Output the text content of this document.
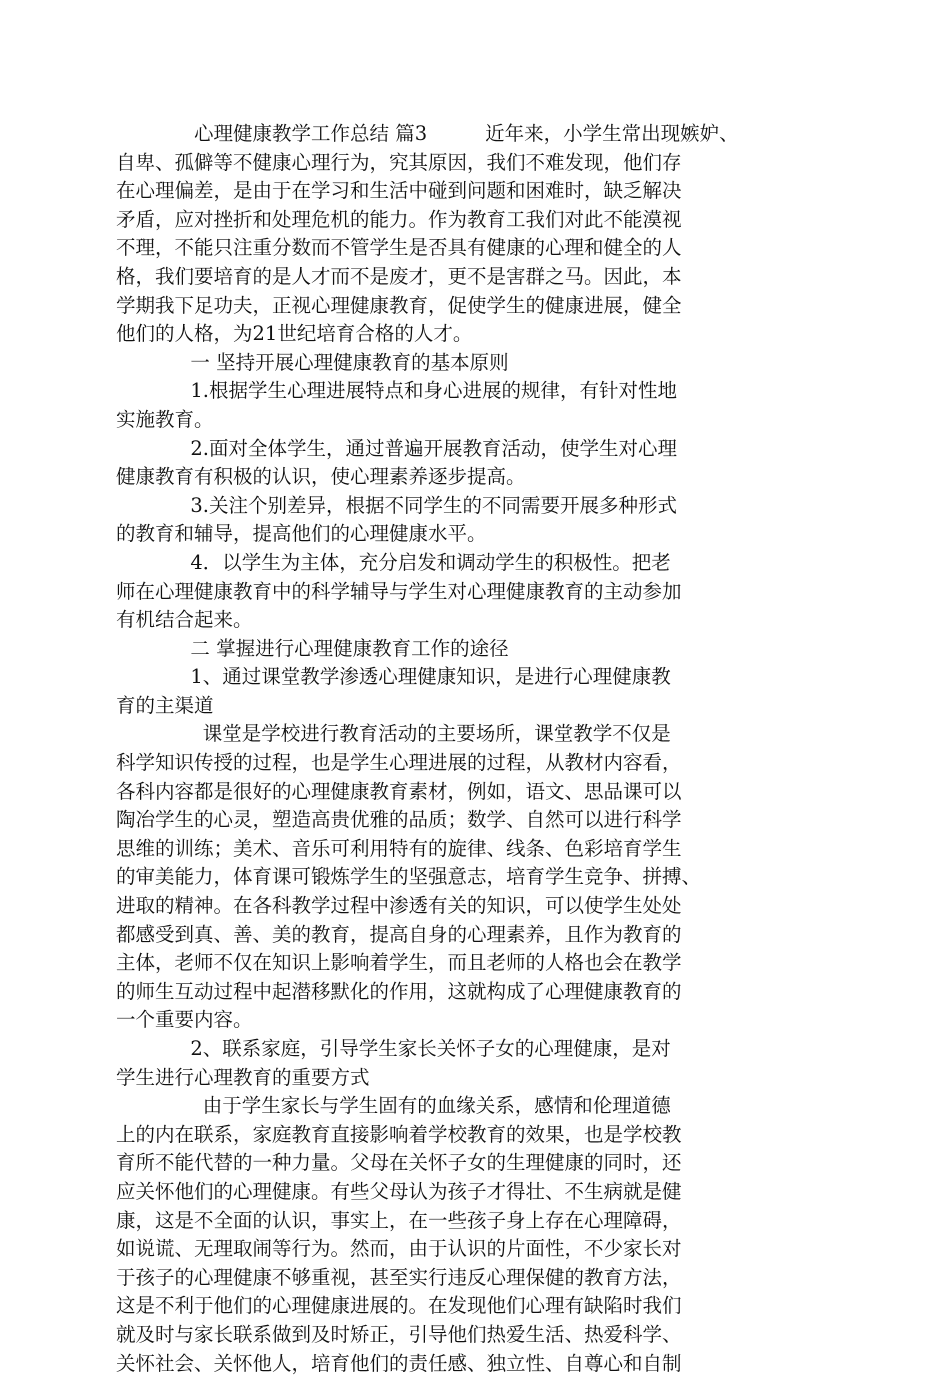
心理健康教学工作总结 篇3	近年来，小学生常出现嫉妒、
自卑、孤僻等不健康心理行为，究其原因，我们不难发现，他们存
在心理偏差，是由于在学习和生活中碰到问题和困难时，缺乏解决
矛盾，应对挫折和处理危机的能力。作为教育工我们对此不能漠视
不理，不能只注重分数而不管学生是否具有健康的心理和健全的人
格，我们要培育的是人才而不是废才，更不是害群之马。因此，本
学期我下足功夫，正视心理健康教育，促使学生的健康进展，健全
他们的人格，为21世纪培育合格的人才。
一 坚持开展心理健康教育的基本原则
1.根据学生心理进展特点和身心进展的规律，有针对性地
实施教育。
2.面对全体学生，通过普遍开展教育活动，使学生对心理
健康教育有积极的认识，使心理素养逐步提高。
3.关注个别差异，根据不同学生的不同需要开展多种形式
的教育和辅导，提高他们的心理健康水平。
4．以学生为主体，充分启发和调动学生的积极性。把老
师在心理健康教育中的科学辅导与学生对心理健康教育的主动参加
有机结合起来。
二 掌握进行心理健康教育工作的途径
1、通过课堂教学渗透心理健康知识，是进行心理健康教
育的主渠道
课堂是学校进行教育活动的主要场所，课堂教学不仅是
科学知识传授的过程，也是学生心理进展的过程，从教材内容看，
各科内容都是很好的心理健康教育素材，例如，语文、思品课可以
陶冶学生的心灵，塑造高贵优雅的品质；数学、自然可以进行科学
思维的训练；美术、音乐可利用特有的旋律、线条、色彩培育学生
的审美能力，体育课可锻炼学生的坚强意志，培育学生竞争、拼搏、
进取的精神。在各科教学过程中渗透有关的知识，可以使学生处处
都感受到真、善、美的教育，提高自身的心理素养，且作为教育的
主体，老师不仅在知识上影响着学生，而且老师的人格也会在教学
的师生互动过程中起潜移默化的作用，这就构成了心理健康教育的
一个重要内容。
2、联系家庭，引导学生家长关怀子女的心理健康，是对
学生进行心理教育的重要方式
由于学生家长与学生固有的血缘关系，感情和伦理道德
上的内在联系，家庭教育直接影响着学校教育的效果，也是学校教
育所不能代替的一种力量。父母在关怀子女的生理健康的同时，还
应关怀他们的心理健康。有些父母认为孩子才得壮、不生病就是健
康，这是不全面的认识，事实上，在一些孩子身上存在心理障碍，
如说谎、无理取闹等行为。然而，由于认识的片面性，不少家长对
于孩子的心理健康不够重视，甚至实行违反心理保健的教育方法，
这是不利于他们的心理健康进展的。在发现他们心理有缺陷时我们
就及时与家长联系做到及时矫正，引导他们热爱生活、热爱科学、
关怀社会、关怀他人，培育他们的责任感、独立性、自尊心和自制
